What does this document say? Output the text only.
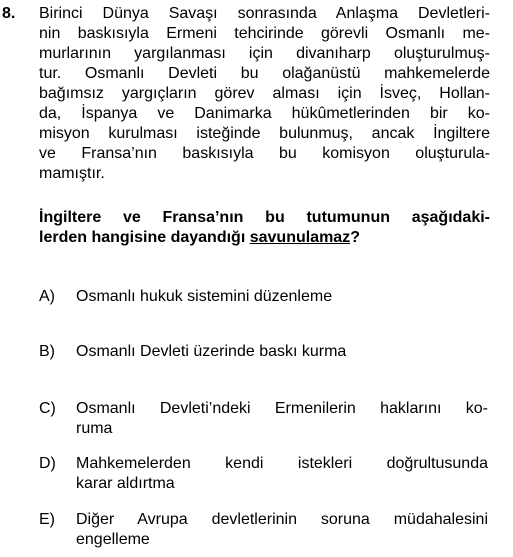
8. Birinci Dünya Savaşı sonrasında Anlaşma Devletleri-
nin baskısıyla Ermeni tehcirinde görevli Osmanlı me-
murlarının yargılanması için divanıharp oluşturulmuş-
tur. Osmanlı Devleti bu olağanüstü mahkemelerde
bağımsız yargıçların görev alması için İsveç, Hollan-
da, İspanya ve Danimarka hükûmetlerinden bir ko-
misyon kurulması isteğinde bulunmuş, ancak İngiltere
ve Fransa’nın baskısıyla bu komisyon oluşturula-
mamıştır.
İngiltere ve Fransa’nın bu tutumunun aşağıdaki-
lerden hangisine dayandığı savunulamaz?
A) Osmanlı hukuk sistemini düzenleme
B) Osmanlı Devleti üzerinde baskı kurma
C) Osmanlı Devleti’ndeki Ermenilerin haklarını ko-
ruma
D) Mahkemelerden kendi istekleri doğrultusunda
karar aldırtma
E) Diğer Avrupa devletlerinin soruna müdahalesini
engelleme
